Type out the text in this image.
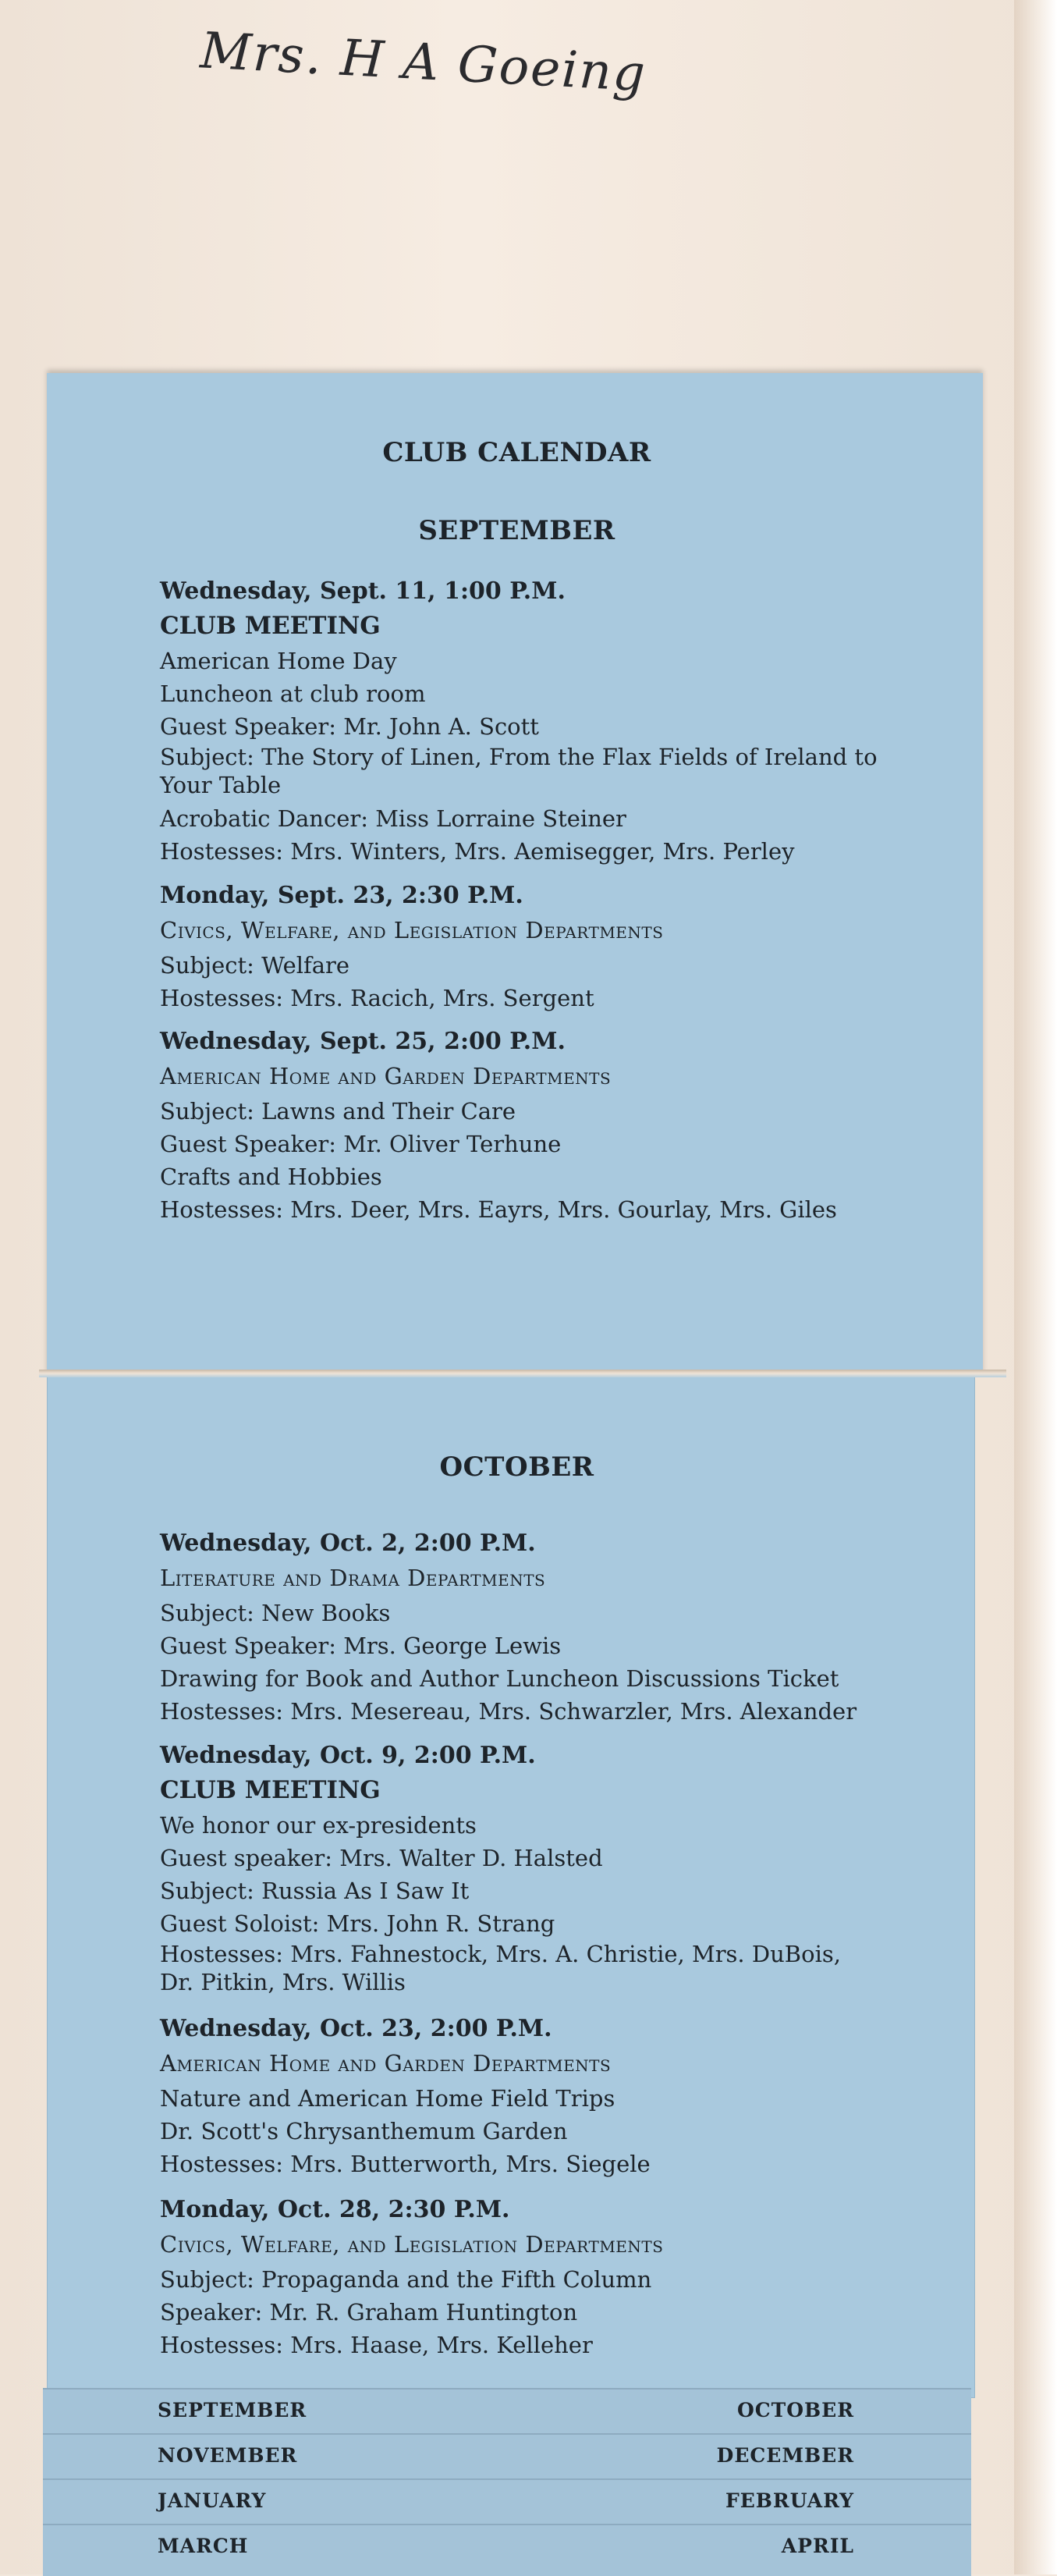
Mrs. H A Goeing
CLUB CALENDAR
SEPTEMBER

Wednesday, Sept. 11, 1:00 P.M.

CLUB MEETING

American Home Day

Luncheon at club room

Guest Speaker: Mr. John A. Scott

Subject: The Story of Linen, From the Flax Fields of Ireland to Your Table

Acrobatic Dancer: Miss Lorraine Steiner

Hostesses: Mrs. Winters, Mrs. Aemisegger, Mrs. Perley

Monday, Sept. 23, 2:30 P.M.

Civics, Welfare, and Legislation Departments

Subject: Welfare

Hostesses: Mrs. Racich, Mrs. Sergent

Wednesday, Sept. 25, 2:00 P.M.

American Home and Garden Departments

Subject: Lawns and Their Care

Guest Speaker: Mr. Oliver Terhune

Crafts and Hobbies

Hostesses: Mrs. Deer, Mrs. Eayrs, Mrs. Gourlay, Mrs. Giles

OCTOBER

Wednesday, Oct. 2, 2:00 P.M.

Literature and Drama Departments

Subject: New Books

Guest Speaker: Mrs. George Lewis

Drawing for Book and Author Luncheon Discussions Ticket

Hostesses: Mrs. Mesereau, Mrs. Schwarzler, Mrs. Alexander

Wednesday, Oct. 9, 2:00 P.M.

CLUB MEETING

We honor our ex-presidents

Guest speaker: Mrs. Walter D. Halsted

Subject: Russia As I Saw It

Guest Soloist: Mrs. John R. Strang

Hostesses: Mrs. Fahnestock, Mrs. A. Christie, Mrs. DuBois, Dr. Pitkin, Mrs. Willis

Wednesday, Oct. 23, 2:00 P.M.

American Home and Garden Departments

Nature and American Home Field Trips

Dr. Scott's Chrysanthemum Garden

Hostesses: Mrs. Butterworth, Mrs. Siegele

Monday, Oct. 28, 2:30 P.M.

Civics, Welfare, and Legislation Departments

Subject: Propaganda and the Fifth Column

Speaker: Mr. R. Graham Huntington

Hostesses: Mrs. Haase, Mrs. Kelleher

SEPTEMBER	OCTOBER
NOVEMBER	DECEMBER
JANUARY	FEBRUARY
MARCH	APRIL
